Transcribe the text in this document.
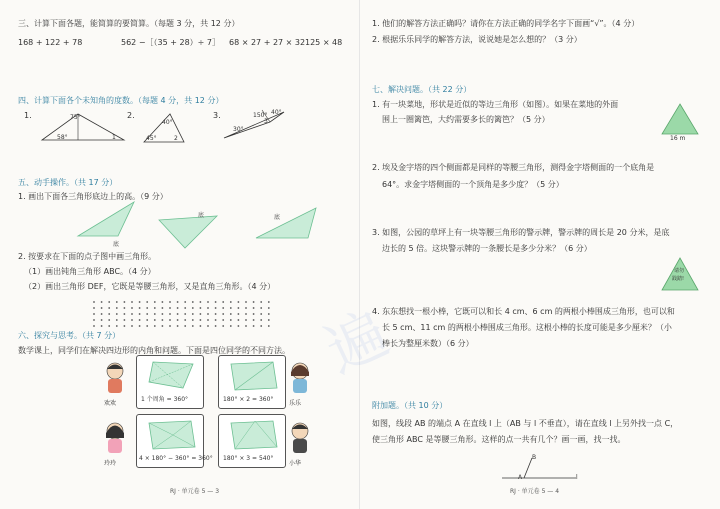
遍
三、计算下面各题，能简算的要简算。（每题 3 分，共 12 分）
168 + 122 + 78	562 −［（35 + 28）÷ 7］ 68 × 27 + 27 × 32 125 × 48
四、计算下面各个未知角的度数。（每题 4 分，共 12 分）
1.	75°
58°	1
2.
40°
45°	2
3.	150° 40°
30°
3
五、动手操作。（共 17 分）
1. 画出下面各三角形底边上的高。（9 分）
底
底	底
2. 按要求在下面的点子图中画三角形。
（1）画出钝角三角形 ABC。（4 分）
（2）画出三角形 DEF，它既是等腰三角形，又是直角三角形。（4 分）
六、探究与思考。（共 7 分）
数学课上，同学们在解决四边形的内角和问题。下面是四位同学的不同方法。
欢欢
1 个周角 = 360°	180° × 2 = 360°
乐乐
玲玲
4 × 180° − 360° = 360° 180° × 3 = 540°
小华
RJ · 单元卷 5 — 3
1. 他们的解答方法正确吗？请你在方法正确的同学名字下面画“√”。（4 分）
2. 根据乐乐同学的解答方法，说说她是怎么想的？（3 分）
七、解决问题。（共 22 分）
1. 有一块菜地，形状是近似的等边三角形（如图）。如果在菜地的外面
围上一圈篱笆，大约需要多长的篱笆？（5 分）
16 m
2. 埃及金字塔的四个侧面都是同样的等腰三角形，测得金字塔侧面的一个底角是
64°。求金字塔侧面的一个顶角是多少度？（5 分）
3. 如图，公园的草坪上有一块等腰三角形的警示牌，警示牌的周长是 20 分米，是底
边长的 5 倍。这块警示牌的一条腰长是多少分米？（6 分）
请勿
践踏!
4. 东东想找一根小棒，它既可以和长 4 cm、6 cm 的两根小棒围成三角形，也可以和
长 5 cm、11 cm 的两根小棒围成三角形。这根小棒的长度可能是多少厘米？（小
棒长为整厘米数）（6 分）
附加题。（共 10 分）
如图，线段 AB 的端点 A 在直线 l 上（AB 与 l 不垂直），请在直线 l 上另外找一点 C，
使三角形 ABC 是等腰三角形。这样的点一共有几个？画一画，找一找。
B
A	l
RJ · 单元卷 5 — 4
